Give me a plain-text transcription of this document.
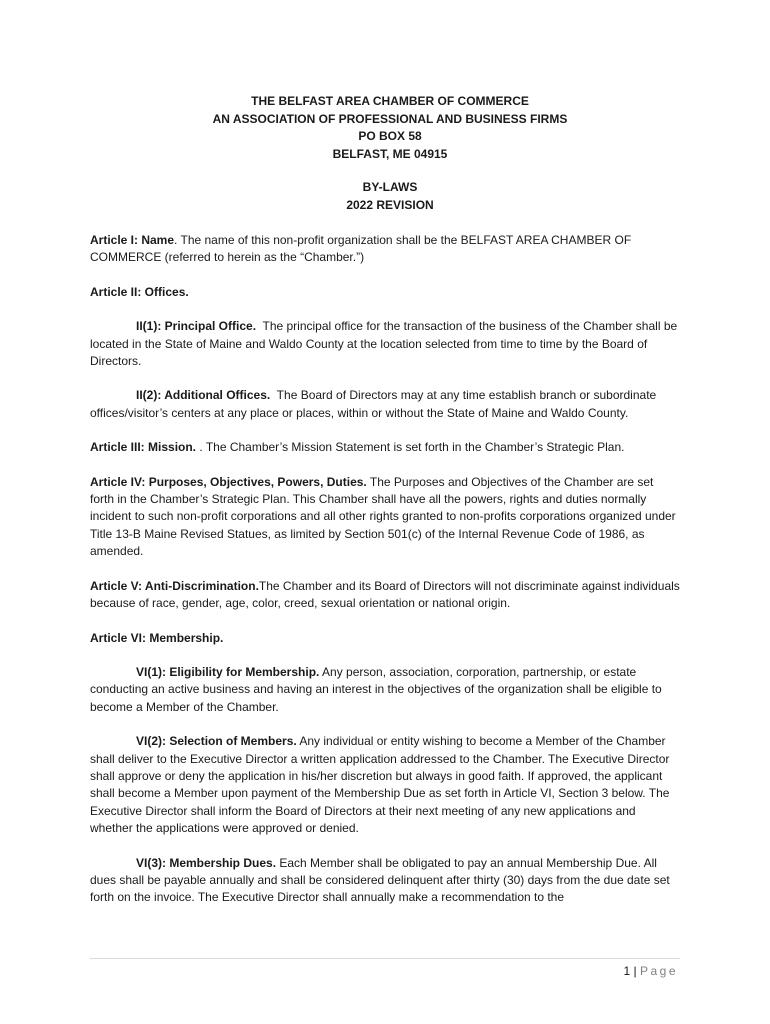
THE BELFAST AREA CHAMBER OF COMMERCE
AN ASSOCIATION OF PROFESSIONAL AND BUSINESS FIRMS
PO BOX 58
BELFAST, ME 04915
BY-LAWS
2022 REVISION

Article I: Name. The name of this non-profit organization shall be the BELFAST AREA CHAMBER OF COMMERCE (referred to herein as the “Chamber.”)

Article II: Offices.

II(1): Principal Office.  The principal office for the transaction of the business of the Chamber shall be located in the State of Maine and Waldo County at the location selected from time to time by the Board of Directors.

II(2): Additional Offices.  The Board of Directors may at any time establish branch or subordinate offices/visitor’s centers at any place or places, within or without the State of Maine and Waldo County.

Article III: Mission. . The Chamber’s Mission Statement is set forth in the Chamber’s Strategic Plan.

Article IV: Purposes, Objectives, Powers, Duties. The Purposes and Objectives of the Chamber are set forth in the Chamber’s Strategic Plan. This Chamber shall have all the powers, rights and duties normally incident to such non-profit corporations and all other rights granted to non-profits corporations organized under Title 13-B Maine Revised Statues, as limited by Section 501(c) of the Internal Revenue Code of 1986, as amended.

Article V: Anti-Discrimination.The Chamber and its Board of Directors will not discriminate against individuals because of race, gender, age, color, creed, sexual orientation or national origin.

Article VI: Membership.

VI(1): Eligibility for Membership. Any person, association, corporation, partnership, or estate conducting an active business and having an interest in the objectives of the organization shall be eligible to become a Member of the Chamber.

VI(2): Selection of Members. Any individual or entity wishing to become a Member of the Chamber shall deliver to the Executive Director a written application addressed to the Chamber. The Executive Director shall approve or deny the application in his/her discretion but always in good faith. If approved, the applicant shall become a Member upon payment of the Membership Due as set forth in Article VI, Section 3 below. The Executive Director shall inform the Board of Directors at their next meeting of any new applications and whether the applications were approved or denied.

VI(3): Membership Dues. Each Member shall be obligated to pay an annual Membership Due. All dues shall be payable annually and shall be considered delinquent after thirty (30) days from the due date set forth on the invoice. The Executive Director shall annually make a recommendation to the

1 | Page
